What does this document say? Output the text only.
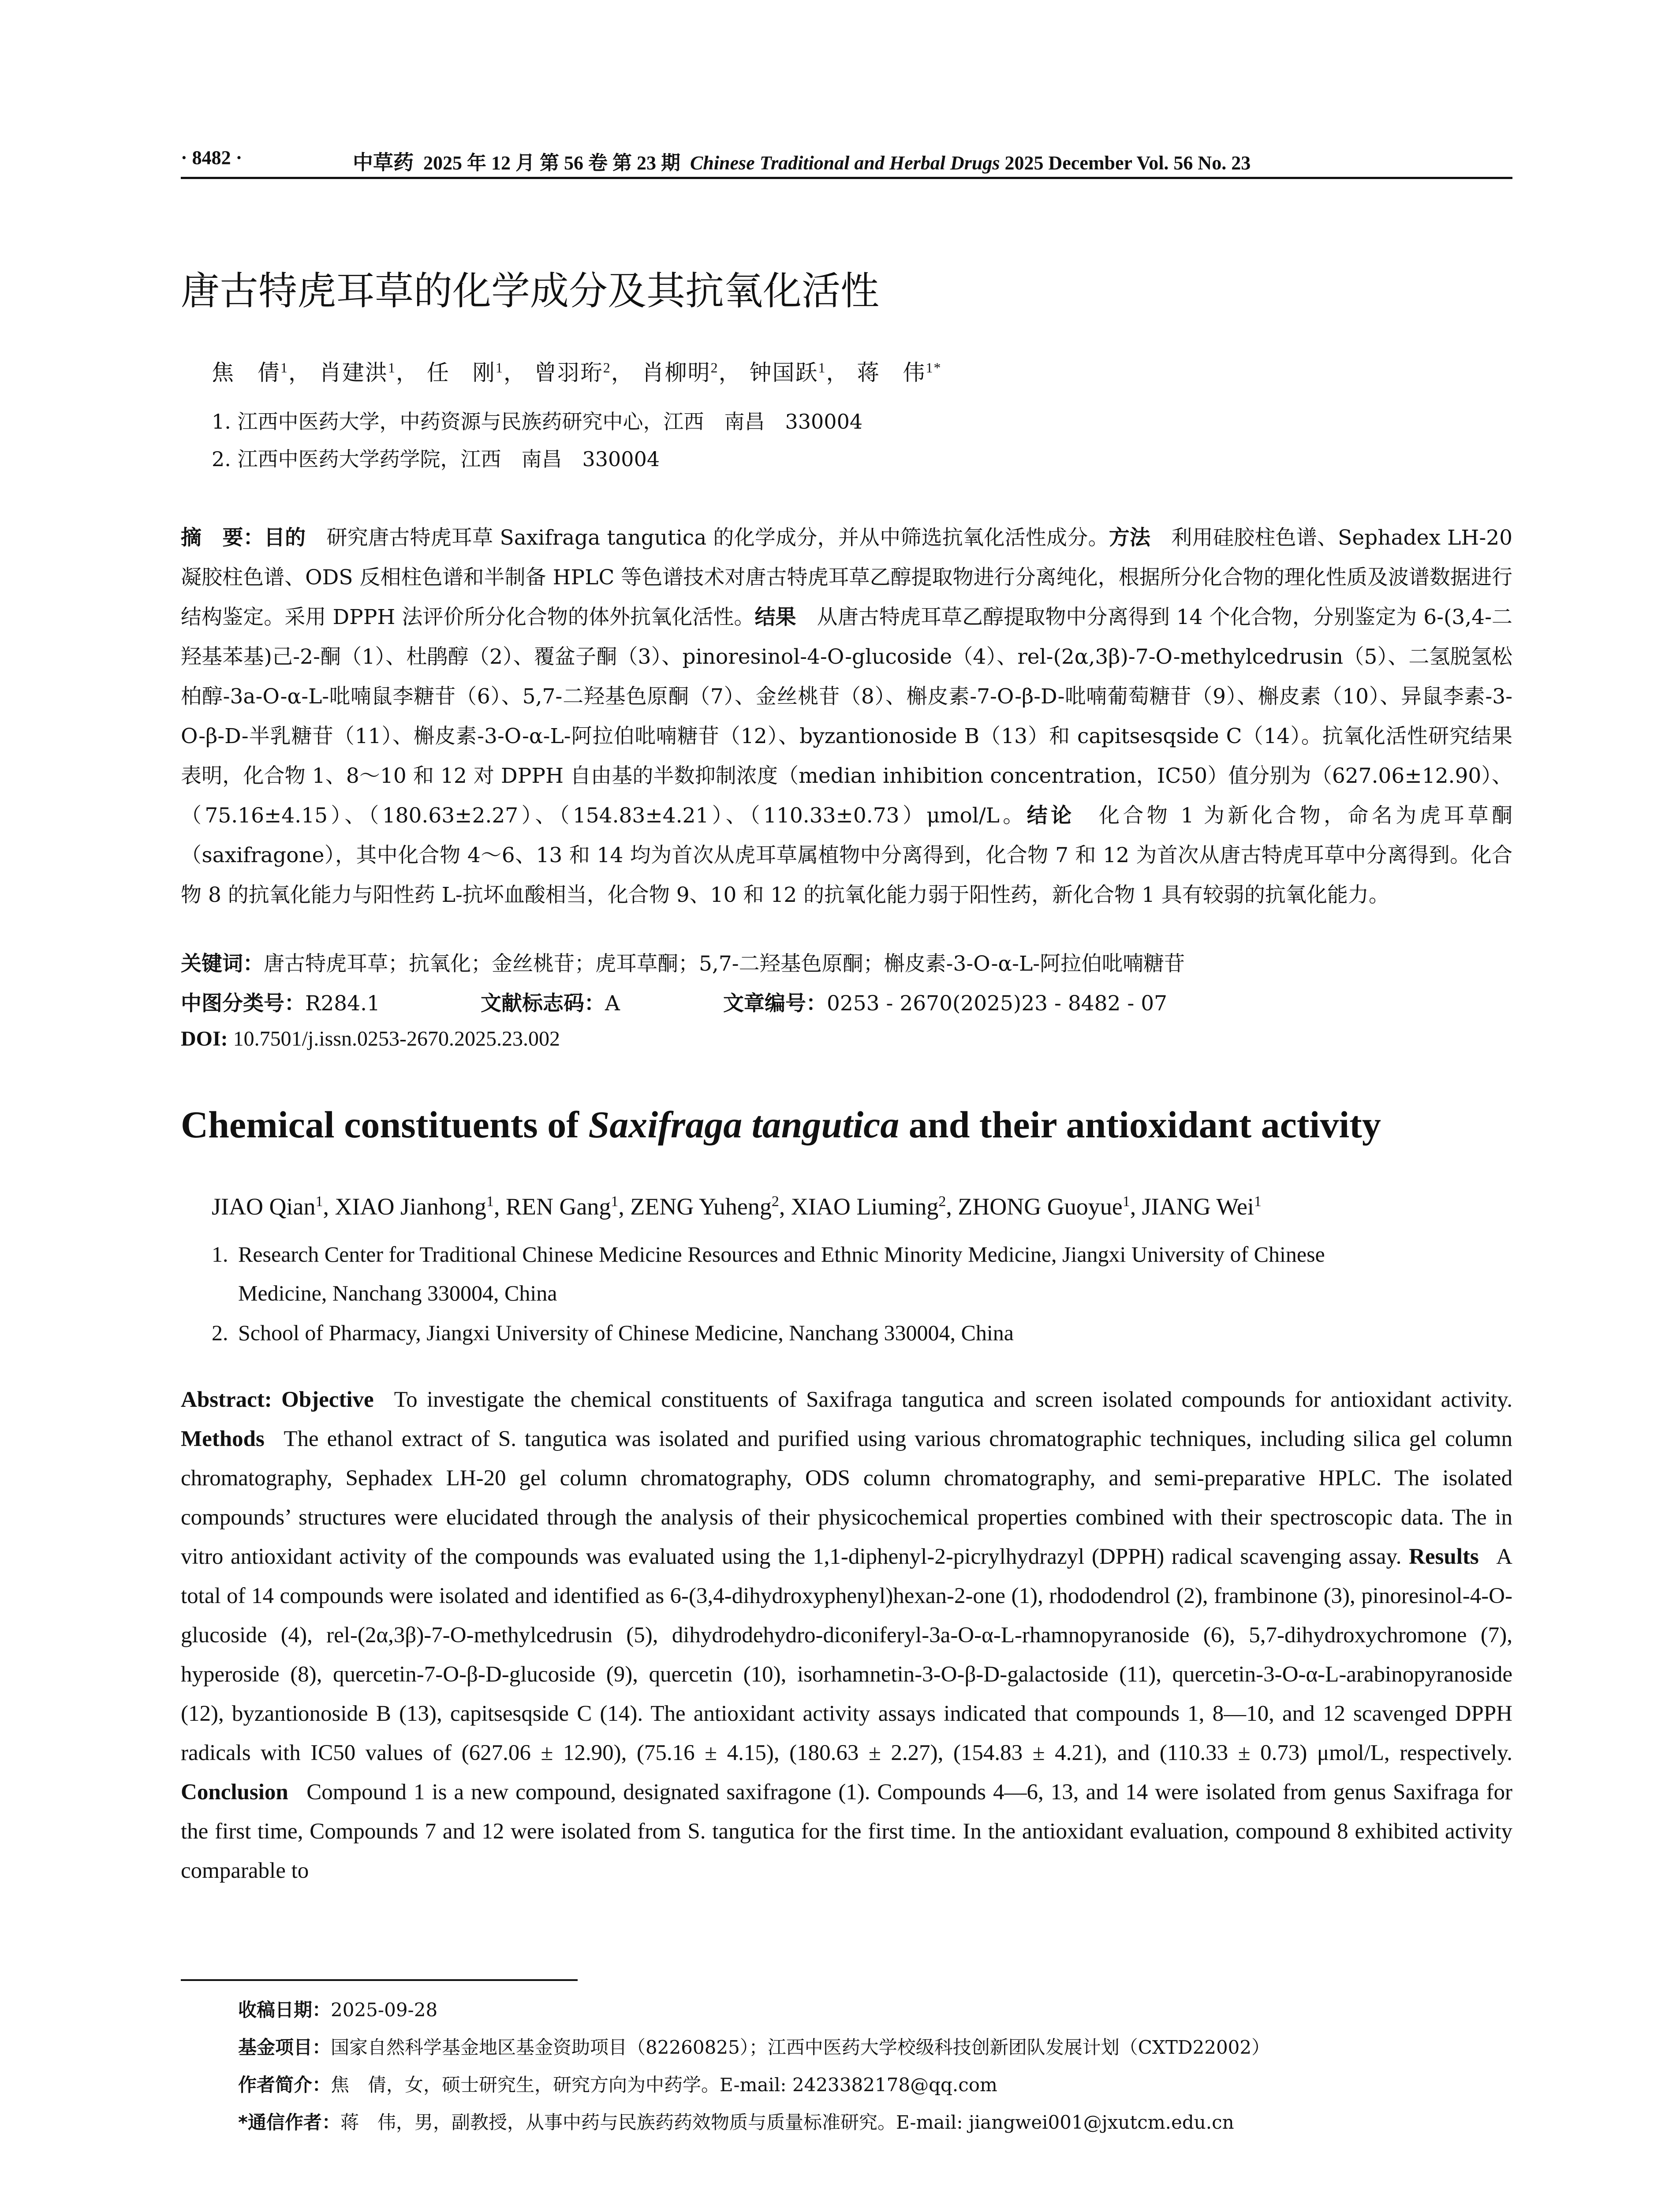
· 8482 ·	中草药 2025 年 12 月 第 56 卷 第 23 期 Chinese Traditional and Herbal Drugs 2025 December Vol. 56 No. 23
唐古特虎耳草的化学成分及其抗氧化活性
焦　倩$^1$， 肖建洪$^1$， 任　刚$^1$， 曾羽珩$^2$， 肖柳明$^2$， 钟国跃$^1$， 蒋　伟$^{1*}$
1. 江西中医药大学，中药资源与民族药研究中心，江西　南昌　330004
2. 江西中医药大学药学院，江西　南昌　330004
摘　要：目的  研究唐古特虎耳草 Saxifraga tangutica 的化学成分，并从中筛选抗氧化活性成分。方法  利用硅胶柱色谱、Sephadex LH-20 凝胶柱色谱、ODS 反相柱色谱和半制备 HPLC 等色谱技术对唐古特虎耳草乙醇提取物进行分离纯化，根据所分化合物的理化性质及波谱数据进行结构鉴定。采用 DPPH 法评价所分化合物的体外抗氧化活性。结果  从唐古特虎耳草乙醇提取物中分离得到 14 个化合物，分别鉴定为 6-(3,4-二羟基苯基)己-2-酮（1）、杜鹃醇（2）、覆盆子酮（3）、pinoresinol-4-O-glucoside（4）、rel-(2α,3β)-7-O-methylcedrusin（5）、二氢脱氢松柏醇-3a-O-α-L-吡喃鼠李糖苷（6）、5,7-二羟基色原酮（7）、金丝桃苷（8）、槲皮素-7-O-β-D-吡喃葡萄糖苷（9）、槲皮素（10）、异鼠李素-3-O-β-D-半乳糖苷（11）、槲皮素-3-O-α-L-阿拉伯吡喃糖苷（12）、byzantionoside B（13）和 capitsesqside C（14）。抗氧化活性研究结果表明，化合物 1、8～10 和 12 对 DPPH 自由基的半数抑制浓度（median inhibition concentration，IC50）值分别为（627.06±12.90）、（75.16±4.15）、（180.63±2.27）、（154.83±4.21）、（110.33±0.73）μmol/L。结论  化合物 1 为新化合物，命名为虎耳草酮（saxifragone），其中化合物 4～6、13 和 14 均为首次从虎耳草属植物中分离得到，化合物 7 和 12 为首次从唐古特虎耳草中分离得到。化合物 8 的抗氧化能力与阳性药 L-抗坏血酸相当，化合物 9、10 和 12 的抗氧化能力弱于阳性药，新化合物 1 具有较弱的抗氧化能力。
关键词：唐古特虎耳草；抗氧化；金丝桃苷；虎耳草酮；5,7-二羟基色原酮；槲皮素-3-O-α-L-阿拉伯吡喃糖苷
中图分类号：R284.1	文献标志码：A	文章编号：0253 - 2670(2025)23 - 8482 - 07
DOI: 10.7501/j.issn.0253-2670.2025.23.002
Chemical constituents of Saxifraga tangutica and their antioxidant activity
JIAO Qian$^1$, XIAO Jianhong$^1$, REN Gang$^1$, ZENG Yuheng$^2$, XIAO Liuming$^2$, ZHONG Guoyue$^1$, JIANG Wei$^1$
1. Research Center for Traditional Chinese Medicine Resources and Ethnic Minority Medicine, Jiangxi University of Chinese
Medicine, Nanchang 330004, China
2. School of Pharmacy, Jiangxi University of Chinese Medicine, Nanchang 330004, China
Abstract: Objective  To investigate the chemical constituents of Saxifraga tangutica and screen isolated compounds for antioxidant activity. Methods  The ethanol extract of S. tangutica was isolated and purified using various chromatographic techniques, including silica gel column chromatography, Sephadex LH-20 gel column chromatography, ODS column chromatography, and semi-preparative HPLC. The isolated compounds’ structures were elucidated through the analysis of their physicochemical properties combined with their spectroscopic data. The in vitro antioxidant activity of the compounds was evaluated using the 1,1-diphenyl-2-picrylhydrazyl (DPPH) radical scavenging assay. Results  A total of 14 compounds were isolated and identified as 6-(3,4-dihydroxyphenyl)hexan-2-one (1), rhododendrol (2), frambinone (3), pinoresinol-4-O-glucoside (4), rel-(2α,3β)-7-O-methylcedrusin (5), dihydrodehydro-diconiferyl-3a-O-α-L-rhamnopyranoside (6), 5,7-dihydroxychromone (7), hyperoside (8), quercetin-7-O-β-D-glucoside (9), quercetin (10), isorhamnetin-3-O-β-D-galactoside (11), quercetin-3-O-α-L-arabinopyranoside (12), byzantionoside B (13), capitsesqside C (14). The antioxidant activity assays indicated that compounds 1, 8—10, and 12 scavenged DPPH radicals with IC50 values of (627.06 ± 12.90), (75.16 ± 4.15), (180.63 ± 2.27), (154.83 ± 4.21), and (110.33 ± 0.73) μmol/L, respectively. Conclusion  Compound 1 is a new compound, designated saxifragone (1). Compounds 4—6, 13, and 14 were isolated from genus Saxifraga for the first time, Compounds 7 and 12 were isolated from S. tangutica for the first time. In the antioxidant evaluation, compound 8 exhibited activity comparable to
收稿日期：2025-09-28
基金项目：国家自然科学基金地区基金资助项目（82260825）；江西中医药大学校级科技创新团队发展计划（CXTD22002）
作者简介：焦　倩，女，硕士研究生，研究方向为中药学。E-mail: 2423382178@qq.com
*通信作者：蒋　伟，男，副教授，从事中药与民族药药效物质与质量标准研究。E-mail: jiangwei001@jxutcm.edu.cn
